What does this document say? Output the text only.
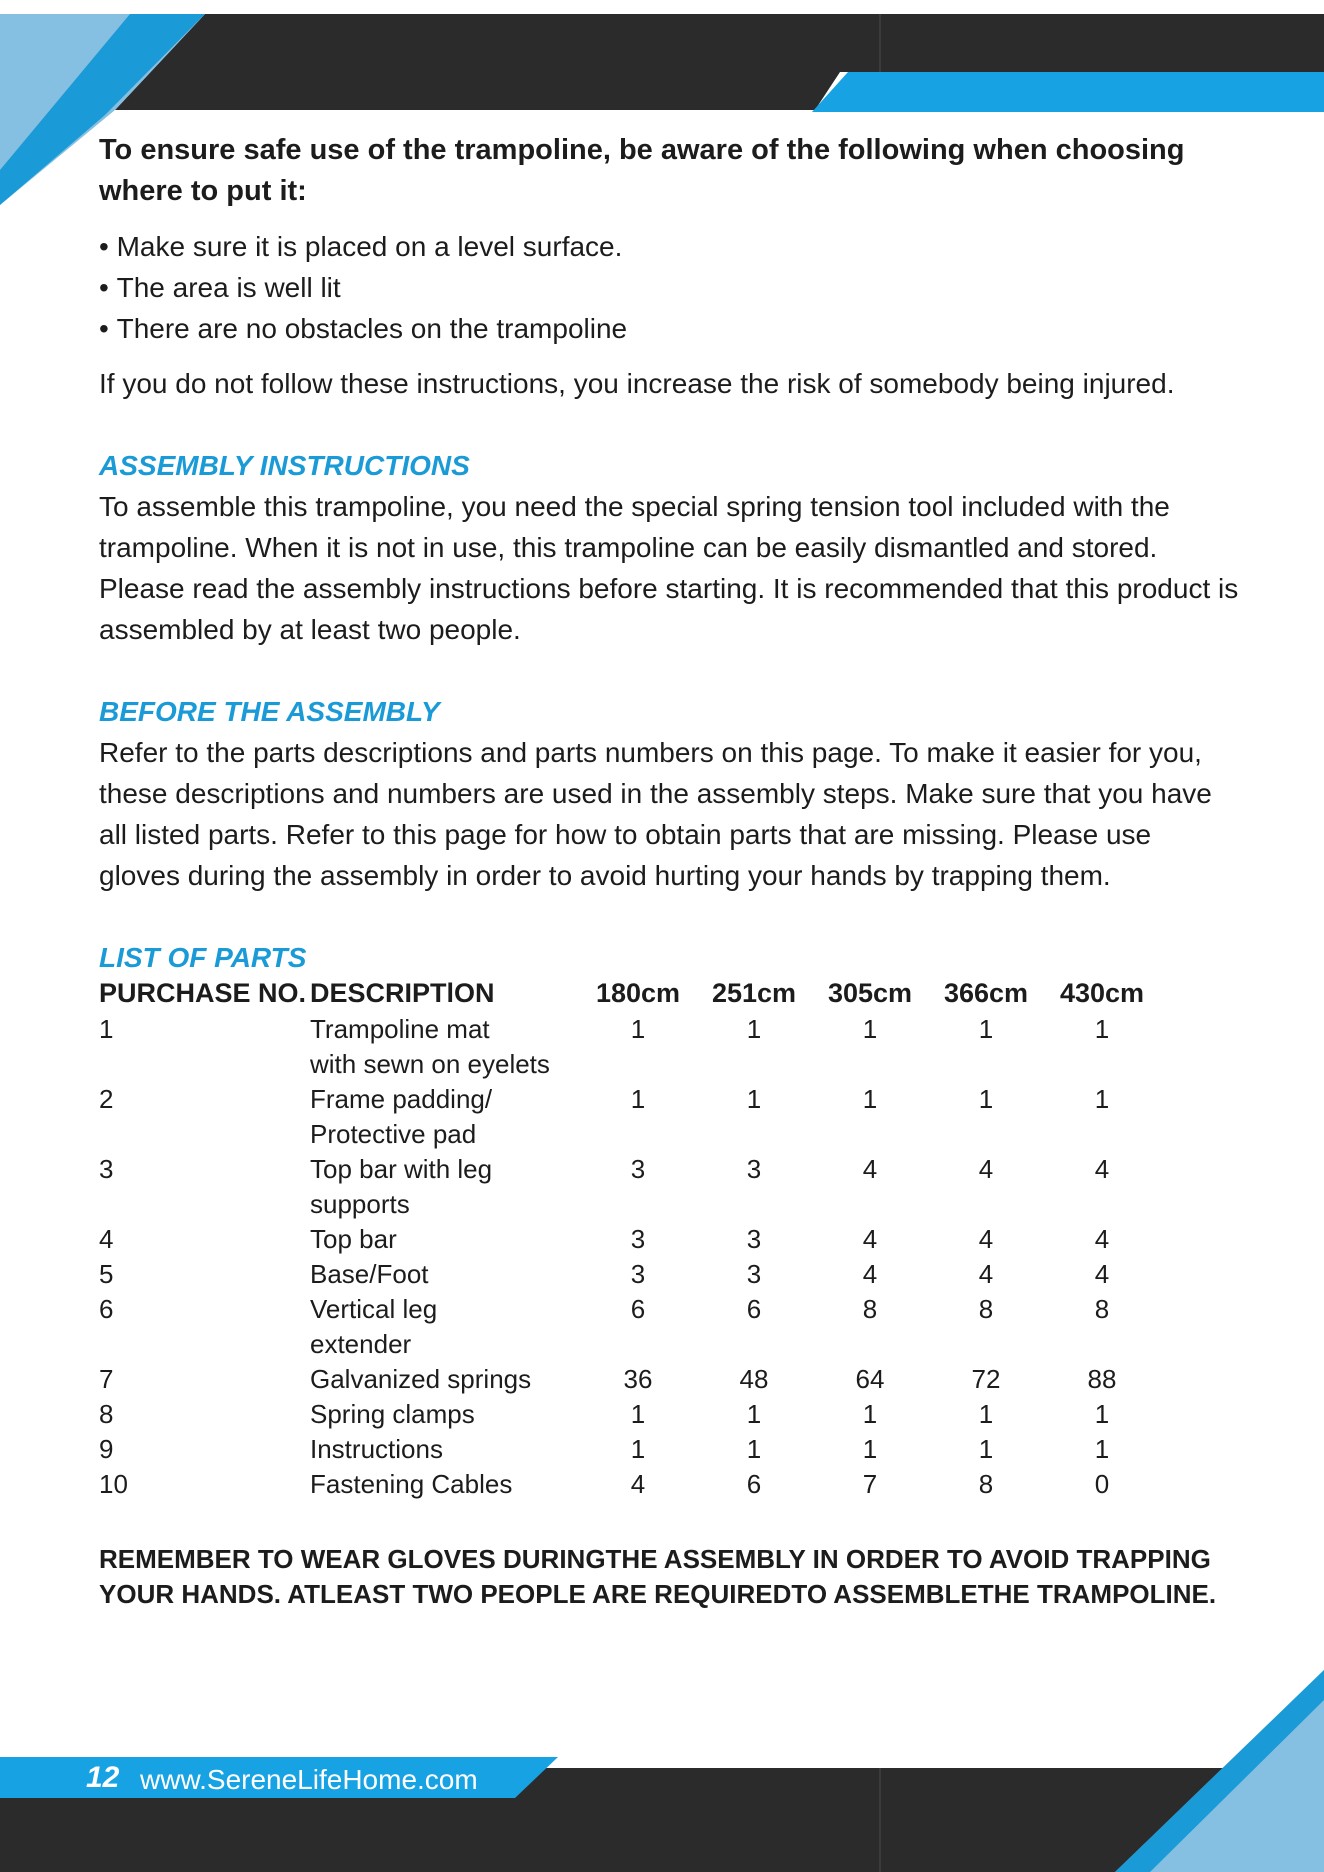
To ensure safe use of the trampoline, be aware of the following when choosing where to put it:

• Make sure it is placed on a level surface.
• The area is well lit
• There are no obstacles on the trampoline

If you do not follow these instructions, you increase the risk of somebody being injured.

ASSEMBLY INSTRUCTIONS

To assemble this trampoline, you need the special spring tension tool included with the trampoline. When it is not in use, this trampoline can be easily dismantled and stored. Please read the assembly instructions before starting. It is recommended that this product is assembled by at least two people.

BEFORE THE ASSEMBLY

Refer to the parts descriptions and parts numbers on this page. To make it easier for you, these descriptions and numbers are used in the assembly steps. Make sure that you have all listed parts. Refer to this page for how to obtain parts that are missing. Please use gloves during the assembly in order to avoid hurting your hands by trapping them.

LIST OF PARTS
PURCHASE NO.	DESCRIPTlON	180cm	251cm	305cm	366cm	430cm
1	Trampoline mat
with sewn on eyelets	1	1	1	1	1
2	Frame padding/
Protective pad	1	1	1	1	1
3	Top bar with leg
supports	3	3	4	4	4
4	Top bar	3	3	4	4	4
5	Base/Foot	3	3	4	4	4
6	Vertical leg
extender	6	6	8	8	8
7	Galvanized springs	36	48	64	72	88
8	Spring clamps	1	1	1	1	1
9	Instructions	1	1	1	1	1
10	Fastening Cables	4	6	7	8	0

REMEMBER TO WEAR GLOVES DURINGTHE ASSEMBLY IN ORDER TO AVOID TRAPPING YOUR HANDS. ATLEAST TWO PEOPLE ARE REQUIREDTO ASSEMBLETHE TRAMPOLINE.

12 www.SereneLifeHome.com
